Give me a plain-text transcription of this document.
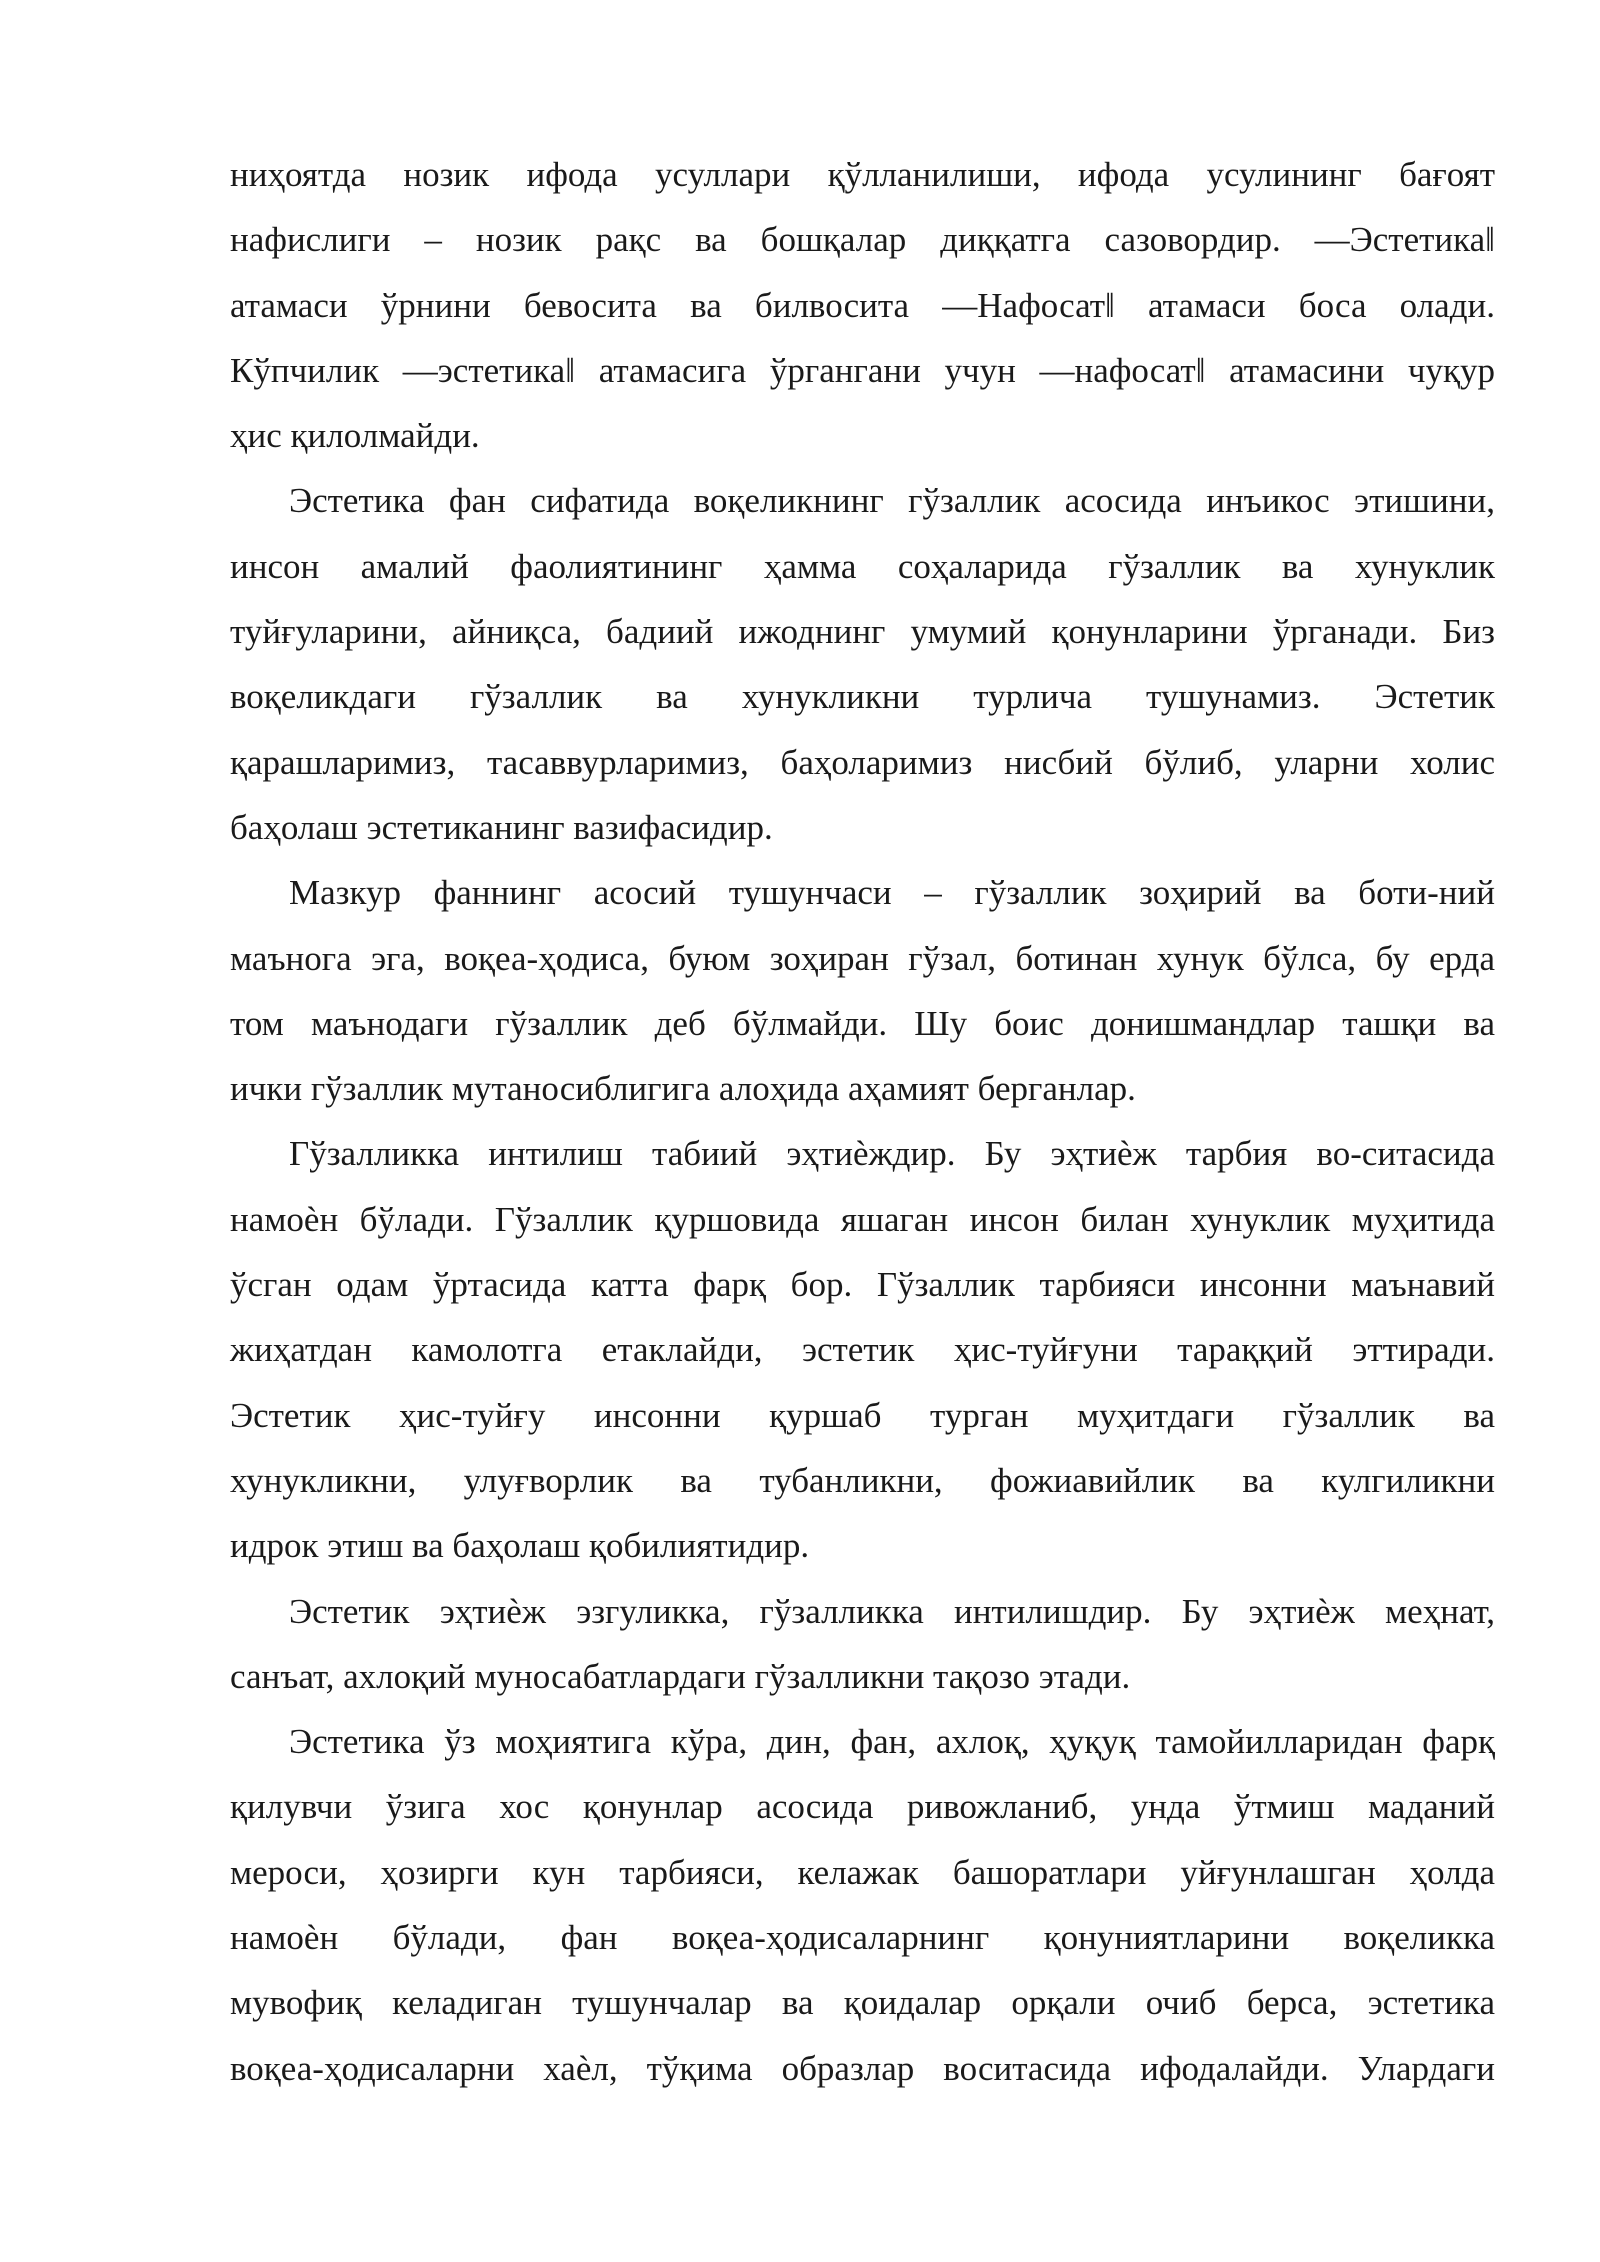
ниҳоятда нозик ифода усуллари қўлланилиши, ифода усулининг бағоят
нафислиги – нозик рақс ва бошқалар диққатга сазовордир. ―Эстетика‖
атамаси ўрнини бевосита ва билвосита ―Нафосат‖ атамаси боса олади.
Кўпчилик ―эстетика‖ атамасига ўргангани учун ―нафосат‖ атамасини чуқур
ҳис қилолмайди.
Эстетика фан сифатида воқеликнинг гўзаллик асосида инъикос этишини,
инсон амалий фаолиятининг ҳамма соҳаларида гўзаллик ва хунуклик
туйғуларини, айниқса, бадиий ижоднинг умумий қонунларини ўрганади. Биз
воқеликдаги гўзаллик ва хунукликни турлича тушунамиз. Эстетик
қарашларимиз, тасаввурларимиз, баҳоларимиз нисбий бўлиб, уларни холис
баҳолаш эстетиканинг вазифасидир.
Мазкур фаннинг асосий тушунчаси – гўзаллик зоҳирий ва боти-ний
маънога эга, воқеа-ҳодиса, буюм зоҳиран гўзал, ботинан хунук бўлса, бу ерда
том маънодаги гўзаллик деб бўлмайди. Шу боис донишмандлар ташқи ва
ички гўзаллик мутаносиблигига алоҳида аҳамият берганлар.
Гўзалликка интилиш табиий эҳтиѐждир. Бу эҳтиѐж тарбия во-ситасида
намоѐн бўлади. Гўзаллик қуршовида яшаган инсон билан хунуклик муҳитида
ўсган одам ўртасида катта фарқ бор. Гўзаллик тарбияси инсонни маънавий
жиҳатдан камолотга етаклайди, эстетик ҳис-туйғуни тараққий эттиради.
Эстетик ҳис-туйғу инсонни қуршаб турган муҳитдаги гўзаллик ва
хунукликни, улуғворлик ва тубанликни, фожиавийлик ва кулгиликни
идрок этиш ва баҳолаш қобилиятидир.
Эстетик эҳтиѐж эзгуликка, гўзалликка интилишдир. Бу эҳтиѐж меҳнат,
санъат, ахлоқий муносабатлардаги гўзалликни тақозо этади.
Эстетика ўз моҳиятига кўра, дин, фан, ахлоқ, ҳуқуқ тамойилларидан фарқ
қилувчи ўзига хос қонунлар асосида ривожланиб, унда ўтмиш маданий
мероси, ҳозирги кун тарбияси, келажак башоратлари уйғунлашган ҳолда
намоѐн бўлади, фан воқеа-ҳодисаларнинг қонуниятларини воқеликка
мувофиқ келадиган тушунчалар ва қоидалар орқали очиб берса, эстетика
воқеа-ҳодисаларни хаѐл, тўқима образлар воситасида ифодалайди. Улардаги
